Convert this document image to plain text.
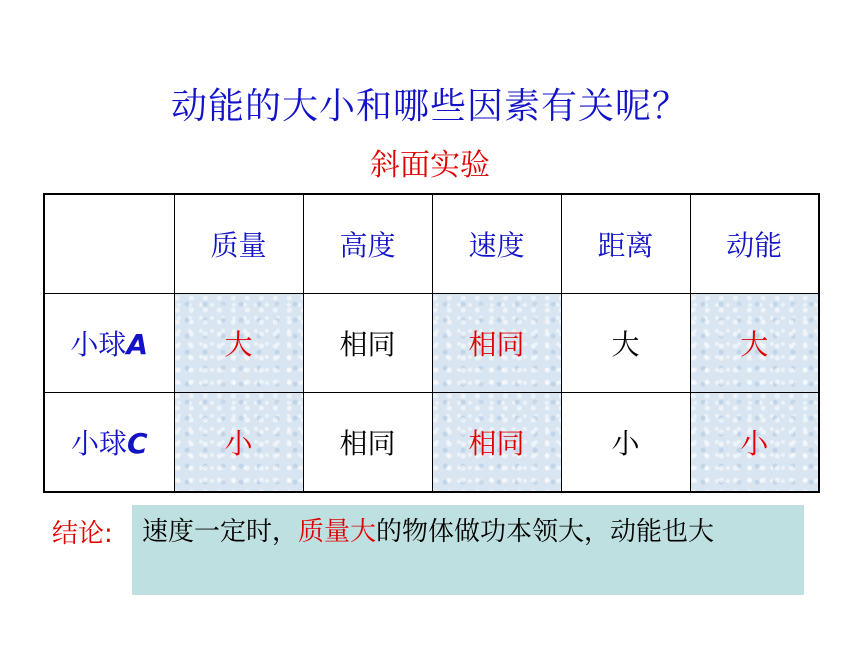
动能的大小和哪些因素有关呢？
斜面实验
	质量	高度	速度	距离	动能
小球A	大	相同	相同	大	大
小球C	小	相同	相同	小	小
结论:	速度一定时，质量大的物体做功本领大，动能也大
